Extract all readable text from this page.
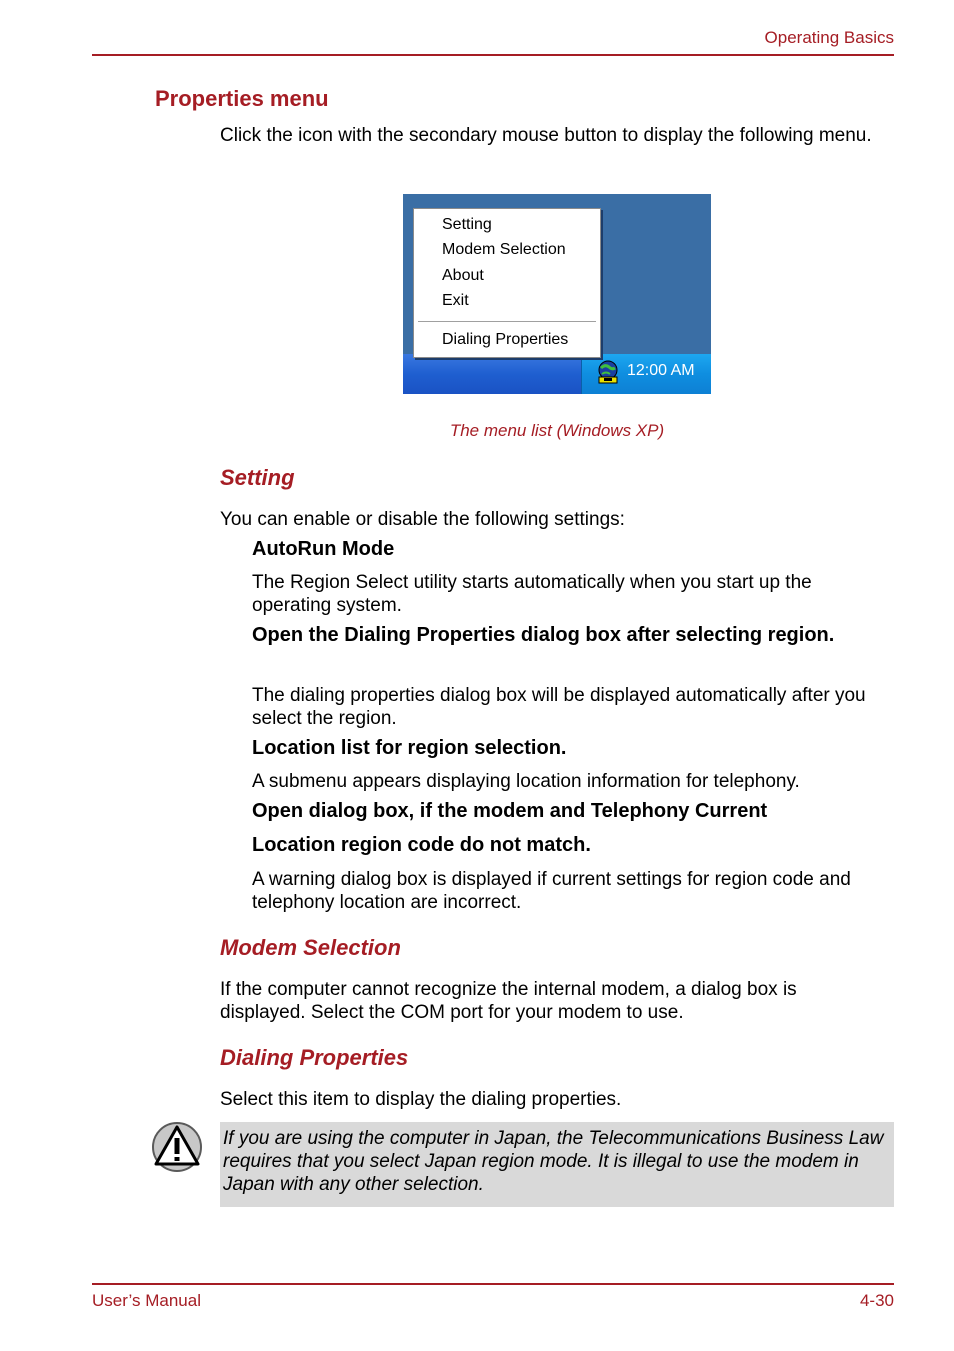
Operating Basics
Properties menu
Click the icon with the secondary mouse button to display the following menu.
12:00 AM
Setting
Modem Selection
About
Exit
Dialing Properties
The menu list (Windows XP)
Setting
You can enable or disable the following settings:
AutoRun Mode
The Region Select utility starts automatically when you start up the operating system.
Open the Dialing Properties dialog box after selecting region.
The dialing properties dialog box will be displayed automatically after you select the region.
Location list for region selection.
A submenu appears displaying location information for telephony.
Open dialog box, if the modem and Telephony Current
Location region code do not match.
A warning dialog box is displayed if current settings for region code and telephony location are incorrect.
Modem Selection
If the computer cannot recognize the internal modem, a dialog box is displayed. Select the COM port for your modem to use.
Dialing Properties
Select this item to display the dialing properties.
If you are using the computer in Japan, the Telecommunications Business Law requires that you select Japan region mode. It is illegal to use the modem in Japan with any other selection.
User’s Manual	4-30
